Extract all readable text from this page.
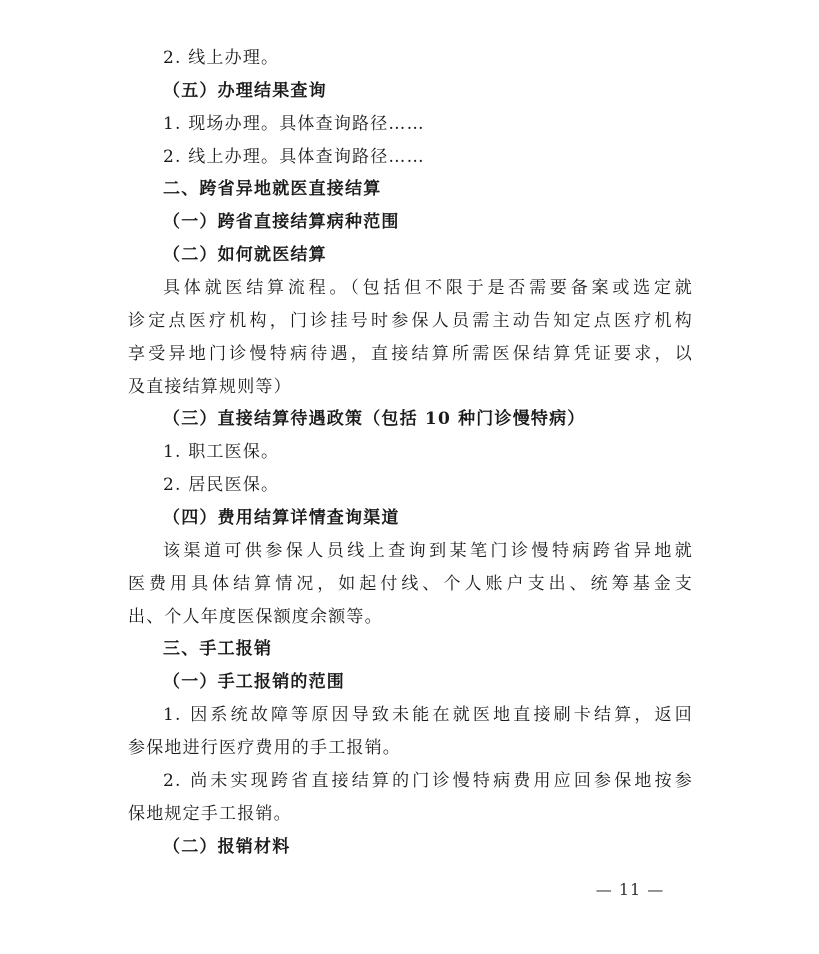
2. 线上办理。
（五）办理结果查询
1. 现场办理。具体查询路径……
2. 线上办理。具体查询路径……
二、跨省异地就医直接结算
（一）跨省直接结算病种范围
（二）如何就医结算
具体就医结算流程。（包括但不限于是否需要备案或选定就
诊定点医疗机构，门诊挂号时参保人员需主动告知定点医疗机构
享受异地门诊慢特病待遇，直接结算所需医保结算凭证要求，以
及直接结算规则等）
（三）直接结算待遇政策（包括 10 种门诊慢特病）
1. 职工医保。
2. 居民医保。
（四）费用结算详情查询渠道
该渠道可供参保人员线上查询到某笔门诊慢特病跨省异地就
医费用具体结算情况，如起付线、个人账户支出、统筹基金支
出、个人年度医保额度余额等。
三、手工报销
（一）手工报销的范围
1. 因系统故障等原因导致未能在就医地直接刷卡结算，返回
参保地进行医疗费用的手工报销。
2. 尚未实现跨省直接结算的门诊慢特病费用应回参保地按参
保地规定手工报销。
（二）报销材料
— 11 —
